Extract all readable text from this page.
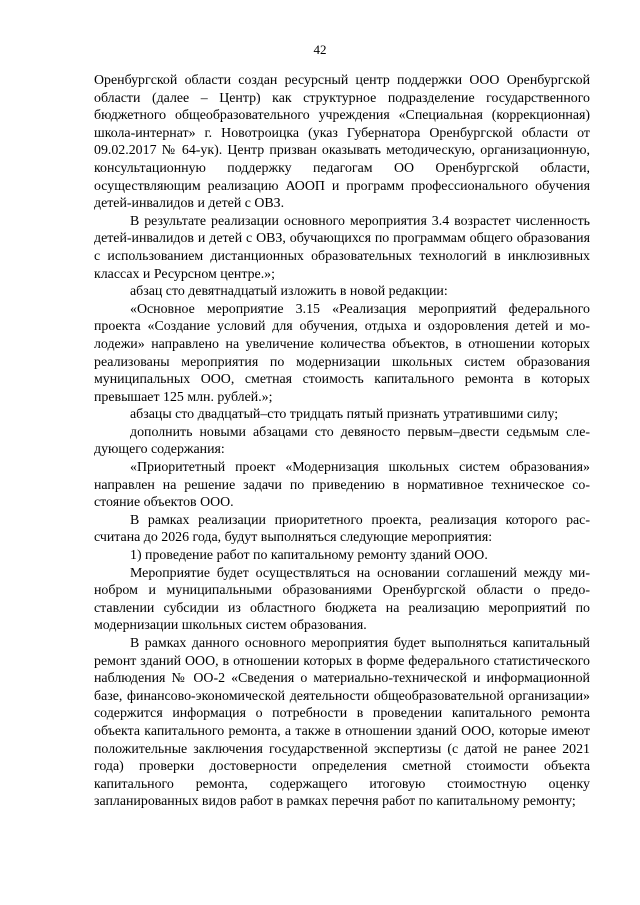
42

Оренбургской области создан ресурсный центр поддержки ООО Оренбургской области (далее – Центр) как структурное подразделение государственного бюджетного общеобразовательного учреждения «Специальная (коррекционная) школа-интернат» г. Новотроицка (указ Губернатора Оренбургской области от 09.02.2017 № 64-ук). Центр призван оказывать методическую, организационную, консультационную поддержку педагогам ОО Оренбургской области, осуществляющим реализацию АООП и программ профессионального обучения детей-инвалидов и детей с ОВЗ.

В результате реализации основного мероприятия 3.4 возрастет численность детей-инвалидов и детей с ОВЗ, обучающихся по программам общего образования с использованием дистанционных образовательных технологий в инклюзивных классах и Ресурсном центре.»;

абзац сто девятнадцатый изложить в новой редакции:

«Основное мероприятие 3.15 «Реализация мероприятий федерального проекта «Создание условий для обучения, отдыха и оздоровления детей и молодежи» направлено на увеличение количества объектов, в отношении которых реализованы мероприятия по модернизации школьных систем образования муниципальных ООО, сметная стоимость капитального ремонта в которых превышает 125 млн. рублей.»;

абзацы сто двадцатый–сто тридцать пятый признать утратившими силу;

дополнить новыми абзацами сто девяносто первым–двести седьмым следующего содержания:

«Приоритетный проект «Модернизация школьных систем образования» направлен на решение задачи по приведению в нормативное техническое состояние объектов ООО.

В рамках реализации приоритетного проекта, реализация которого рассчитана до 2026 года, будут выполняться следующие мероприятия:

1) проведение работ по капитальному ремонту зданий ООО.

Мероприятие будет осуществляться на основании соглашений между минобром и муниципальными образованиями Оренбургской области о предоставлении субсидии из областного бюджета на реализацию мероприятий по модернизации школьных систем образования.

В рамках данного основного мероприятия будет выполняться капитальный ремонт зданий ООО, в отношении которых в форме федерального статистического наблюдения № ОО-2 «Сведения о материально-технической и информационной базе, финансово-экономической деятельности общеобразовательной организации» содержится информация о потребности в проведении капитального ремонта объекта капитального ремонта, а также в отношении зданий ООО, которые имеют положительные заключения государственной экспертизы (с датой не ранее 2021 года) проверки достоверности определения сметной стоимости объекта капитального ремонта, содержащего итоговую стоимостную оценку запланированных видов работ в рамках перечня работ по капитальному ремонту;
